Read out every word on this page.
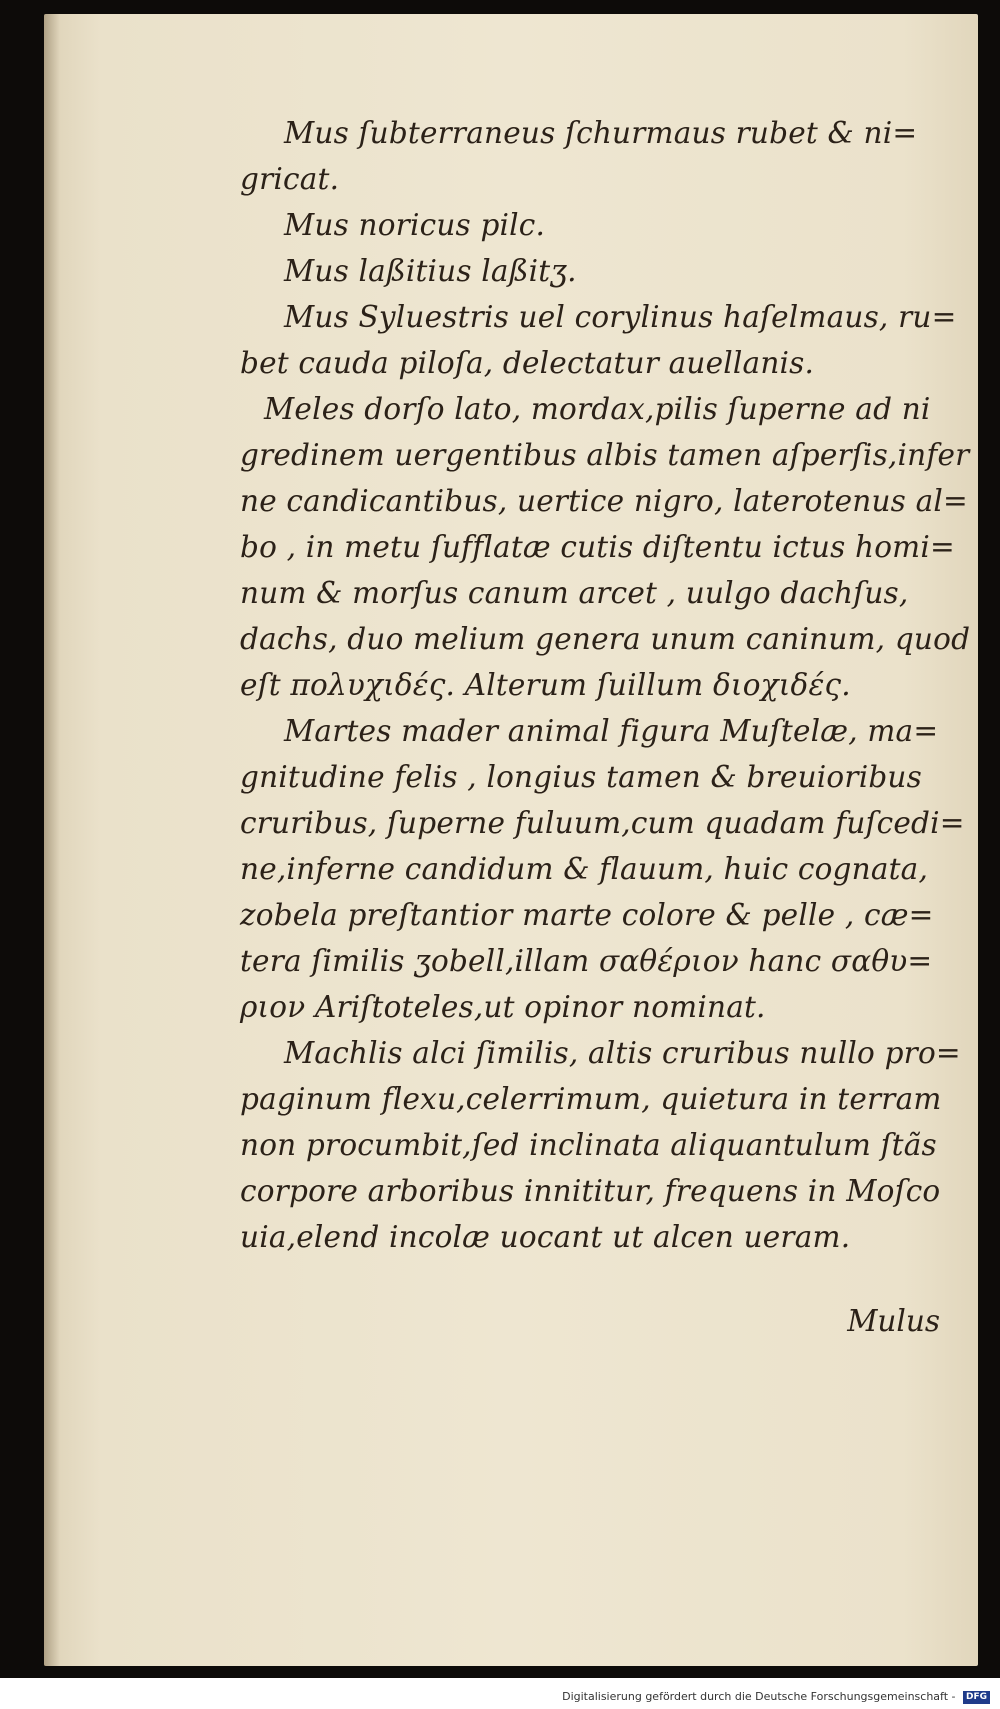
Mus ſubterraneus ſchurmaus rubet & ni=
gricat.
Mus noricus pilc.
Mus laßitius laßitʒ.
Mus Syluestris uel corylinus haſelmaus, ru=
bet cauda piloſa, delectatur auellanis.
Meles dorſo lato, mordax,pilis ſuperne ad ni
gredinem uergentibus albis tamen aſperſis,infer
ne candicantibus, uertice nigro, laterotenus al=
bo , in metu ſufflatæ cutis diſtentu ictus homi=
num & morſus canum arcet , uulgo dachſus,
dachs, duo melium genera unum caninum, quod
eſt πολυχιδές. Alterum ſuillum διοχιδές.
Martes mader animal figura Muſtelæ, ma=
gnitudine felis , longius tamen & breuioribus
cruribus, ſuperne fuluum,cum quadam fuſcedi=
ne,inferne candidum & flauum, huic cognata,
zobela preſtantior marte colore & pelle , cæ=
tera ſimilis ʒobell,illam σαθέριον hanc σαθυ=
ριον Ariſtoteles,ut opinor nominat.
Machlis alci ſimilis, altis cruribus nullo pro=
paginum flexu,celerrimum, quietura in terram
non procumbit,ſed inclinata aliquantulum ſtãs
corpore arboribus innititur, frequens in Moſco
uia,elend incolæ uocant ut alcen ueram.
Mulus
Digitalisierung gefördert durch die Deutsche Forschungsgemeinschaft - DFG
